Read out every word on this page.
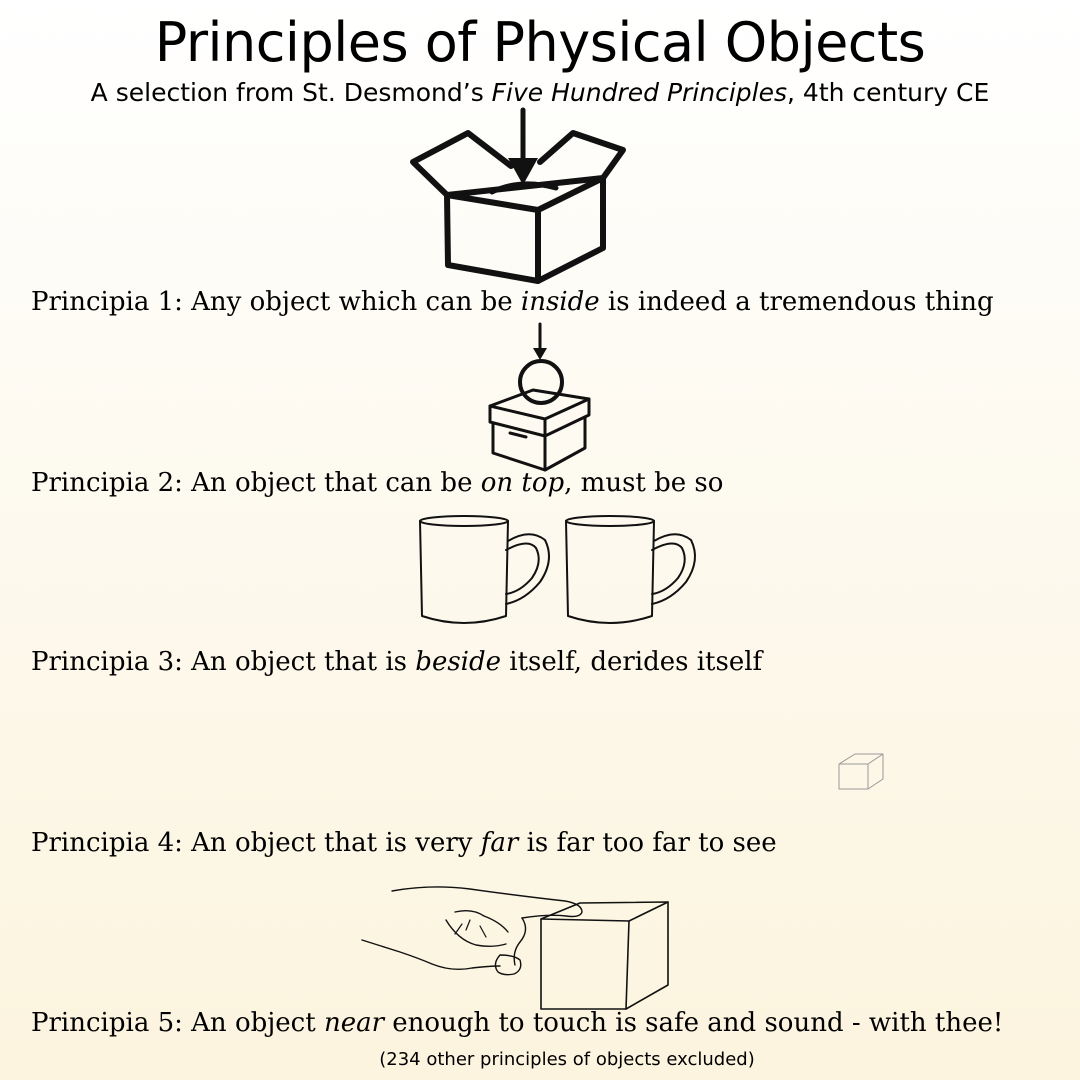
Principles of Physical Objects
A selection from St. Desmond’s Five Hundred Principles, 4th century CE

Principia 1: Any object which can be inside is indeed a tremendous thing

Principia 2: An object that can be on top, must be so

Principia 3: An object that is beside itself, derides itself

Principia 4: An object that is very far is far too far to see

Principia 5: An object near enough to touch is safe and sound - with thee!

(234 other principles of objects excluded)
